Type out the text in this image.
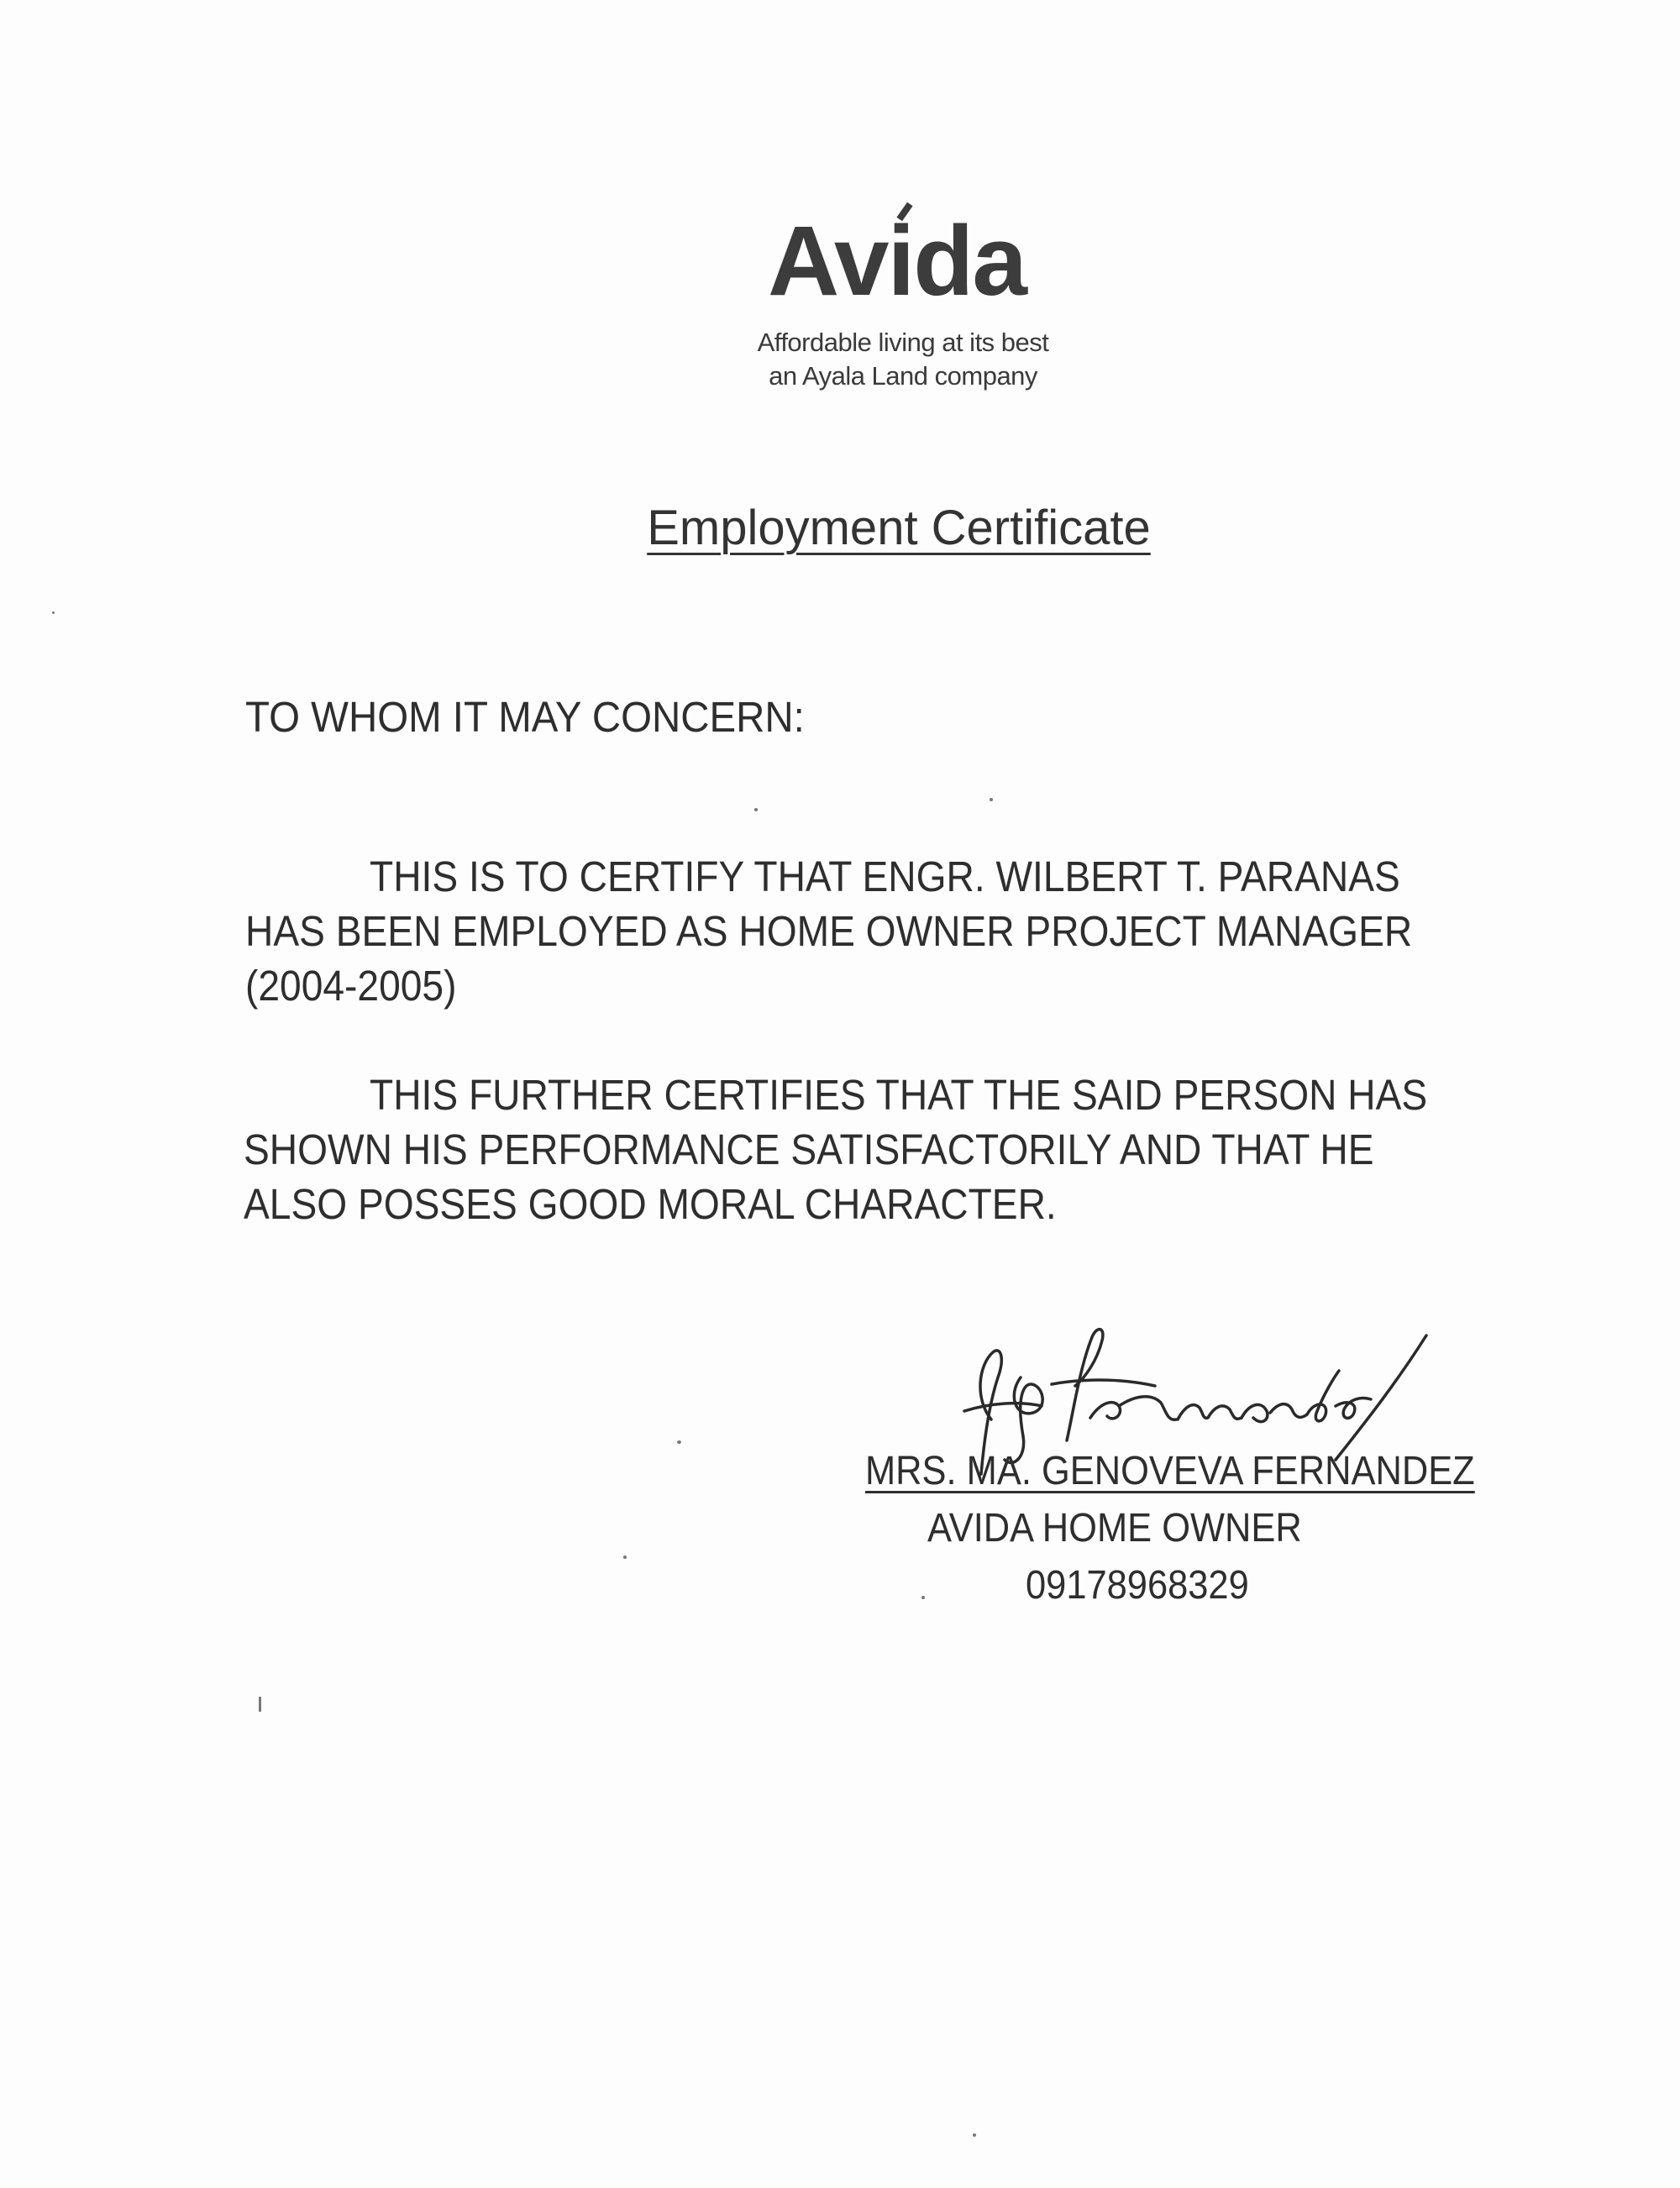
Avida
Affordable living at its best
an Ayala Land company
Employment Certificate
TO WHOM IT MAY CONCERN:
THIS IS TO CERTIFY THAT ENGR. WILBERT T. PARANAS
HAS BEEN EMPLOYED AS HOME OWNER PROJECT MANAGER
(2004-2005)
THIS FURTHER CERTIFIES THAT THE SAID PERSON HAS
SHOWN HIS PERFORMANCE SATISFACTORILY AND THAT HE
ALSO POSSES GOOD MORAL CHARACTER.
MRS. MA. GENOVEVA FERNANDEZ
AVIDA HOME OWNER
09178968329
